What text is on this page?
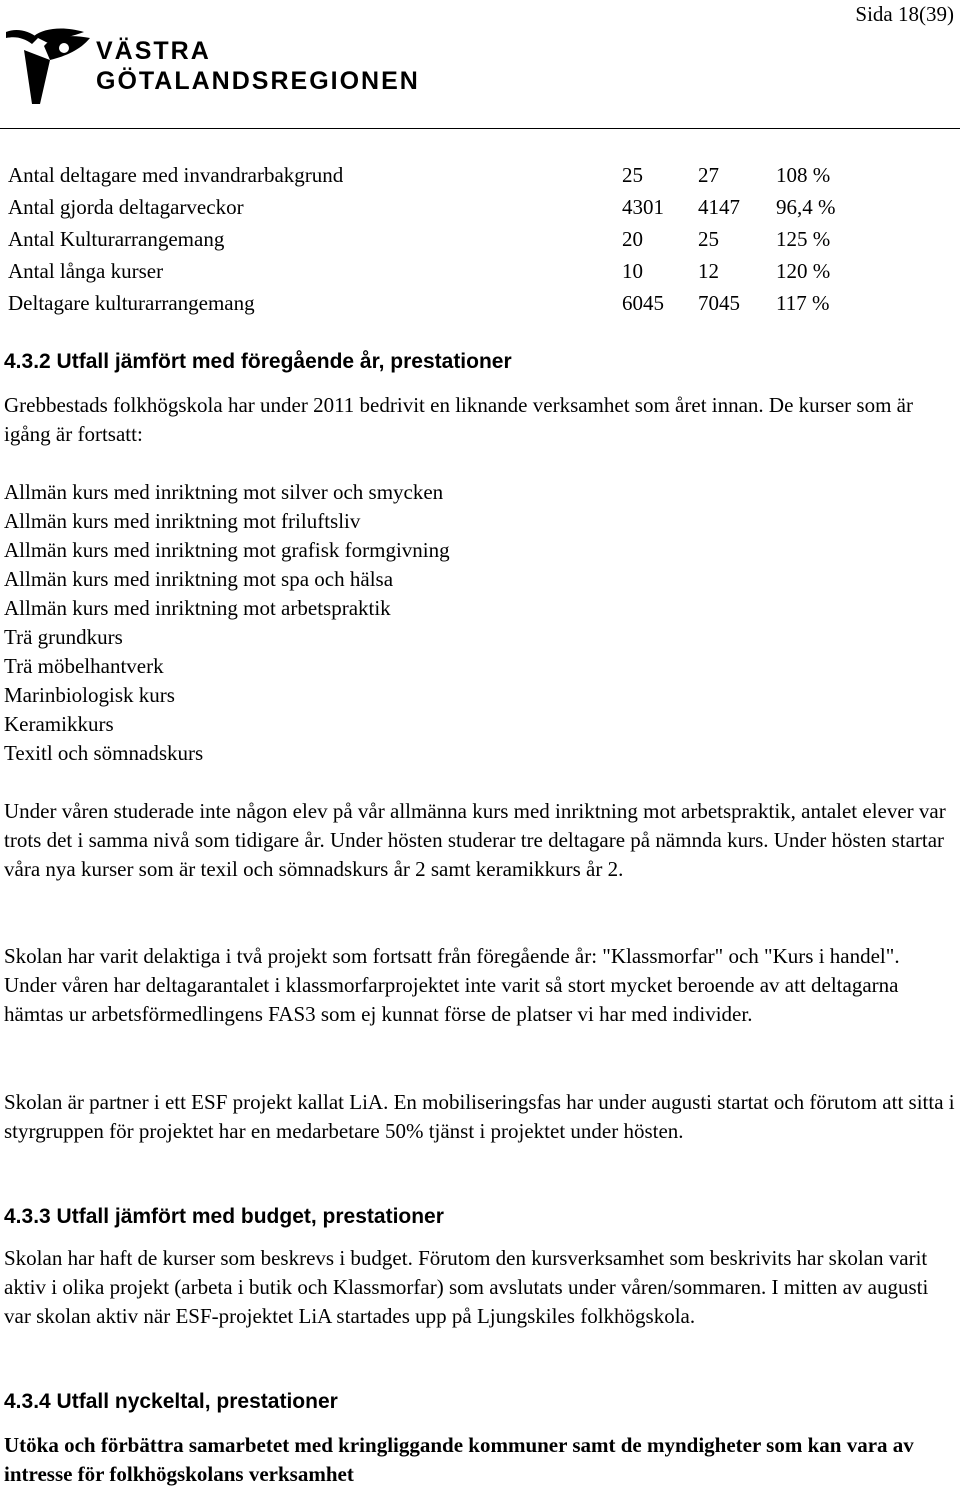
Sida 18(39)
VÄSTRA
GÖTALANDSREGIONEN
Antal deltagare med invandrarbakgrund	25	27	108 %
Antal gjorda deltagarveckor	4301 4147 96,4 %
Antal Kulturarrangemang	20	25	125 %
Antal långa kurser	10	12	120 %
Deltagare kulturarrangemang	6045 7045 117 %
4.3.2 Utfall jämfört med föregående år, prestationer

Grebbestads folkhögskola har under 2011 bedrivit en liknande verksamhet som året innan. De kurser som är igång är fortsatt:

Allmän kurs med inriktning mot silver och smycken
Allmän kurs med inriktning mot friluftsliv
Allmän kurs med inriktning mot grafisk formgivning
Allmän kurs med inriktning mot spa och hälsa
Allmän kurs med inriktning mot arbetspraktik
Trä grundkurs
Trä möbelhantverk
Marinbiologisk kurs
Keramikkurs
Texitl och sömnadskurs

Under våren studerade inte någon elev på vår allmänna kurs med inriktning mot arbetspraktik, antalet elever var trots det i samma nivå som tidigare år. Under hösten studerar tre deltagare på nämnda kurs. Under hösten startar våra nya kurser som är texil och sömnadskurs år 2 samt keramikkurs år 2.

Skolan har varit delaktiga i två projekt som fortsatt från föregående år: "Klassmorfar" och "Kurs i handel". Under våren har deltagarantalet i klassmorfarprojektet inte varit så stort mycket beroende av att deltagarna hämtas ur arbetsförmedlingens FAS3 som ej kunnat förse de platser vi har med individer.

Skolan är partner i ett ESF projekt kallat LiA. En mobiliseringsfas har under augusti startat och förutom att sitta i styrgruppen för projektet har en medarbetare 50% tjänst i projektet under hösten.

4.3.3 Utfall jämfört med budget, prestationer

Skolan har haft de kurser som beskrevs i budget. Förutom den kursverksamhet som beskrivits har skolan varit aktiv i olika projekt (arbeta i butik och Klassmorfar) som avslutats under våren/sommaren. I mitten av augusti var skolan aktiv när ESF-projektet LiA startades upp på Ljungskiles folkhögskola.

4.3.4 Utfall nyckeltal, prestationer
Utöka och förbättra samarbetet med kringliggande kommuner samt de myndigheter som kan vara av intresse för folkhögskolans verksamhet
